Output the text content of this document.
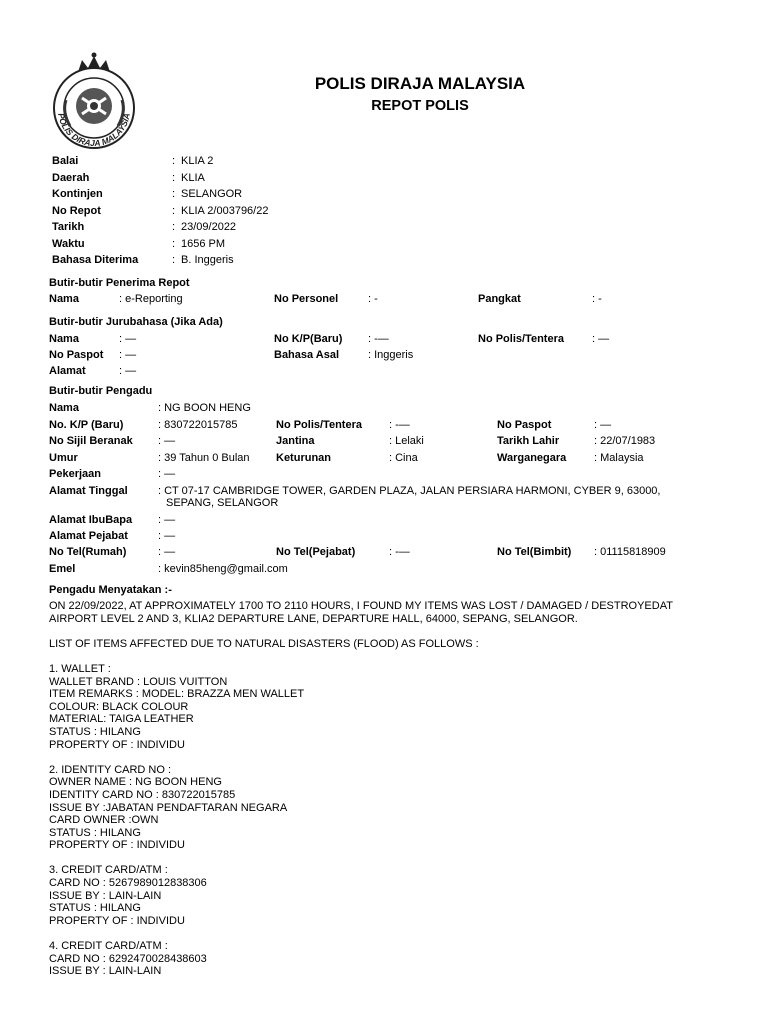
POLIS DIRAJA MALAYSIA
POLIS DIRAJA MALAYSIA
REPOT POLIS
Balai	: KLIA 2
Daerah	: KLIA
Kontinjen	: SELANGOR
No Repot	: KLIA 2/003796/22
Tarikh	: 23/09/2022
Waktu	: 1656 PM
Bahasa Diterima	: B. Inggeris
Butir-butir Penerima Repot
Nama	: e-Reporting	No Personel	: -	Pangkat	: -
Butir-butir Jurubahasa (Jika Ada)
Nama	: —	No K/P(Baru) : -—	No Polis/Tentera	: —
No Paspot : —	Bahasa Asal	: Inggeris
Alamat	: —
Butir-butir Pengadu
Nama	: NG BOON HENG
No. K/P (Baru)	: 830722015785	No Polis/Tentera : -—	No Paspot	: —
No Sijil Beranak : —	Jantina	: Lelaki	Tarikh Lahir	: 22/07/1983
Umur	: 39 Tahun 0 Bulan Keturunan	: Cina	Warganegara	: Malaysia
Pekerjaan	: —
Alamat Tinggal	: CT 07-17 CAMBRIDGE TOWER, GARDEN PLAZA, JALAN PERSIARA HARMONI, CYBER 9, 63000,
SEPANG, SELANGOR
Alamat IbuBapa : —
Alamat Pejabat	: —
No Tel(Rumah)	: —	No Tel(Pejabat)	: -—	No Tel(Bimbit) : 01115818909
Emel	: kevin85heng@gmail.com
Pengadu Menyatakan :-
ON 22/09/2022, AT APPROXIMATELY 1700 TO 2110 HOURS, I FOUND MY ITEMS WAS LOST / DAMAGED / DESTROYEDAT
AIRPORT LEVEL 2 AND 3, KLIA2 DEPARTURE LANE, DEPARTURE HALL, 64000, SEPANG, SELANGOR.

LIST OF ITEMS AFFECTED DUE TO NATURAL DISASTERS (FLOOD) AS FOLLOWS :

1. WALLET :
WALLET BRAND : LOUIS VUITTON
ITEM REMARKS : MODEL: BRAZZA MEN WALLET
COLOUR: BLACK COLOUR
MATERIAL: TAIGA LEATHER
STATUS : HILANG
PROPERTY OF : INDIVIDU

2. IDENTITY CARD NO :
OWNER NAME : NG BOON HENG
IDENTITY CARD NO : 830722015785
ISSUE BY :JABATAN PENDAFTARAN NEGARA
CARD OWNER :OWN
STATUS : HILANG
PROPERTY OF : INDIVIDU

3. CREDIT CARD/ATM :
CARD NO : 5267989012838306
ISSUE BY : LAIN-LAIN
STATUS : HILANG
PROPERTY OF : INDIVIDU

4. CREDIT CARD/ATM :
CARD NO : 6292470028438603
ISSUE BY : LAIN-LAIN
